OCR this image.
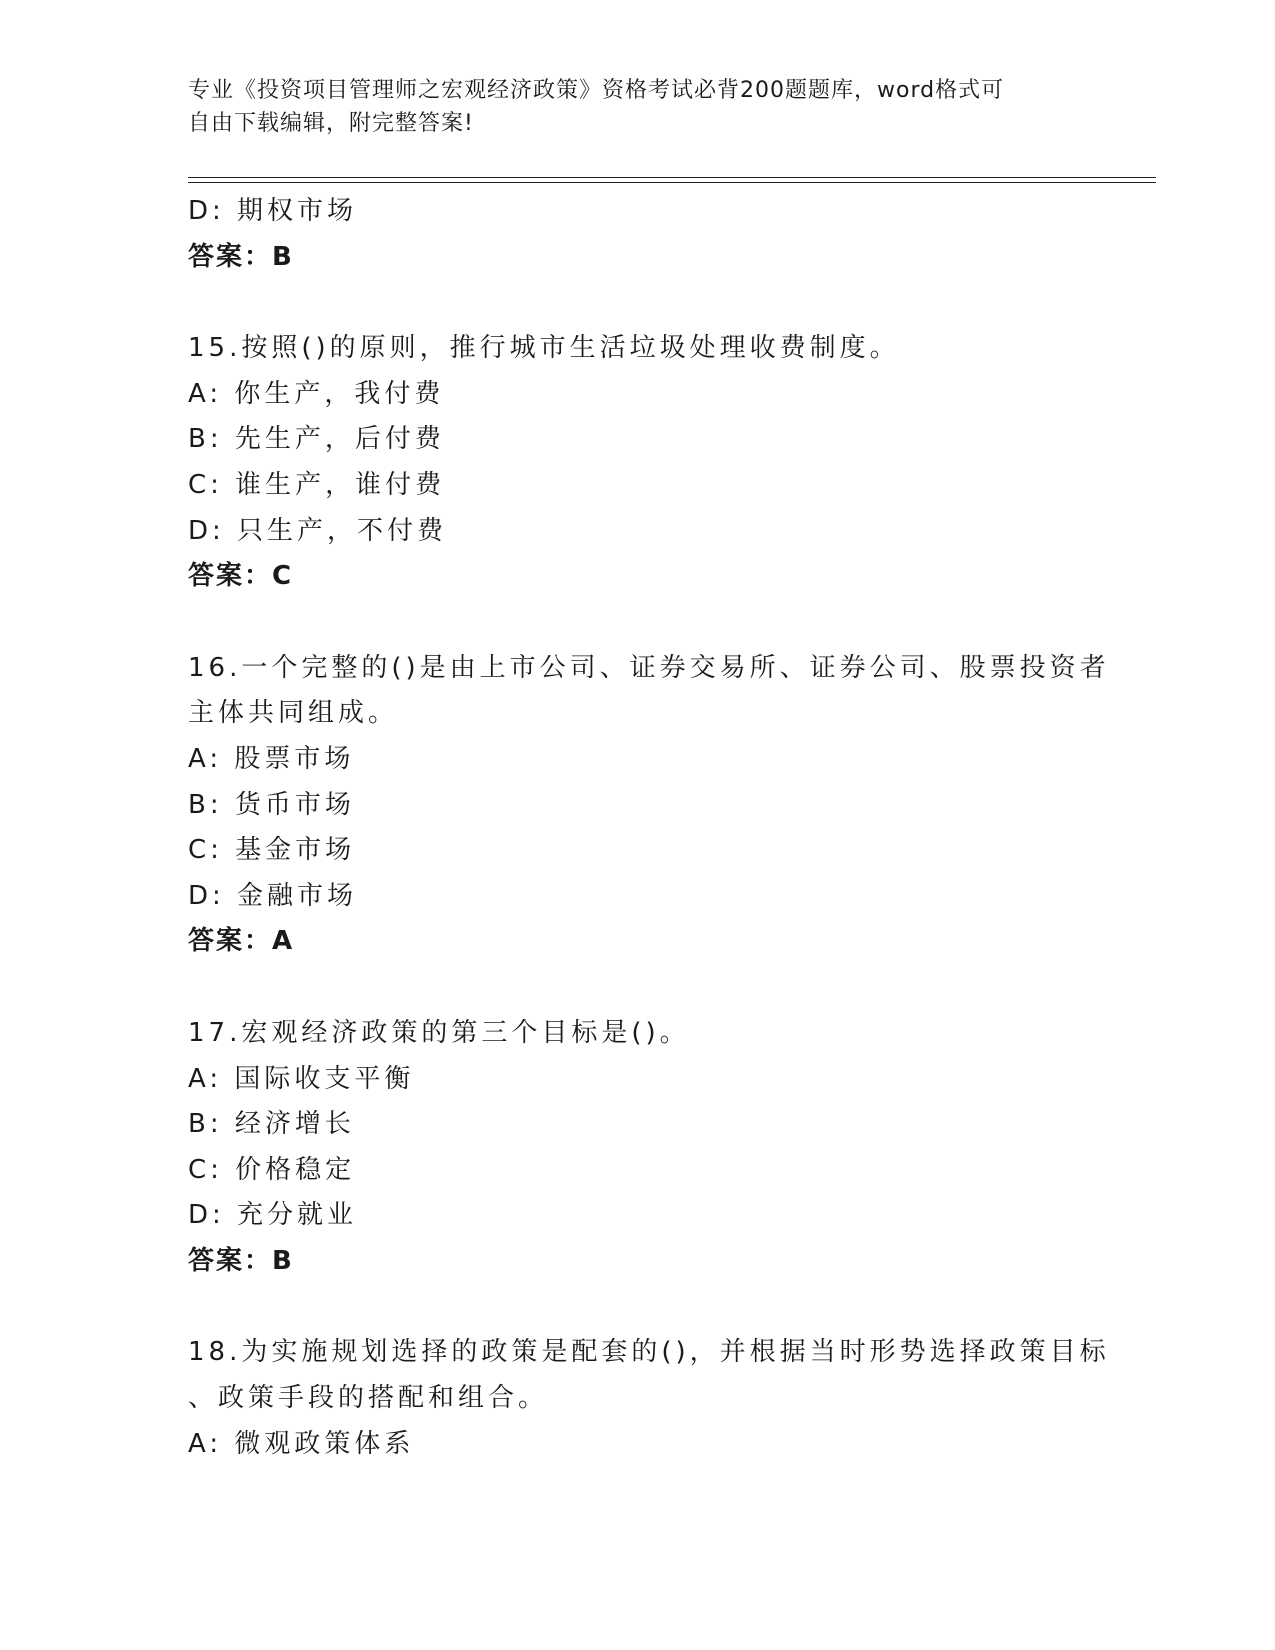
专业《投资项目管理师之宏观经济政策》资格考试必背200题题库，word格式可
自由下载编辑，附完整答案!
D: 期权市场
答案：B
15.按照()的原则，推行城市生活垃圾处理收费制度。
A: 你生产，我付费
B: 先生产，后付费
C: 谁生产，谁付费
D: 只生产，不付费
答案：C
16.一个完整的()是由上市公司、证券交易所、证券公司、股票投资者
主体共同组成。
A: 股票市场
B: 货币市场
C: 基金市场
D: 金融市场
答案：A
17.宏观经济政策的第三个目标是()。
A: 国际收支平衡
B: 经济增长
C: 价格稳定
D: 充分就业
答案：B
18.为实施规划选择的政策是配套的()，并根据当时形势选择政策目标
、政策手段的搭配和组合。
A: 微观政策体系
